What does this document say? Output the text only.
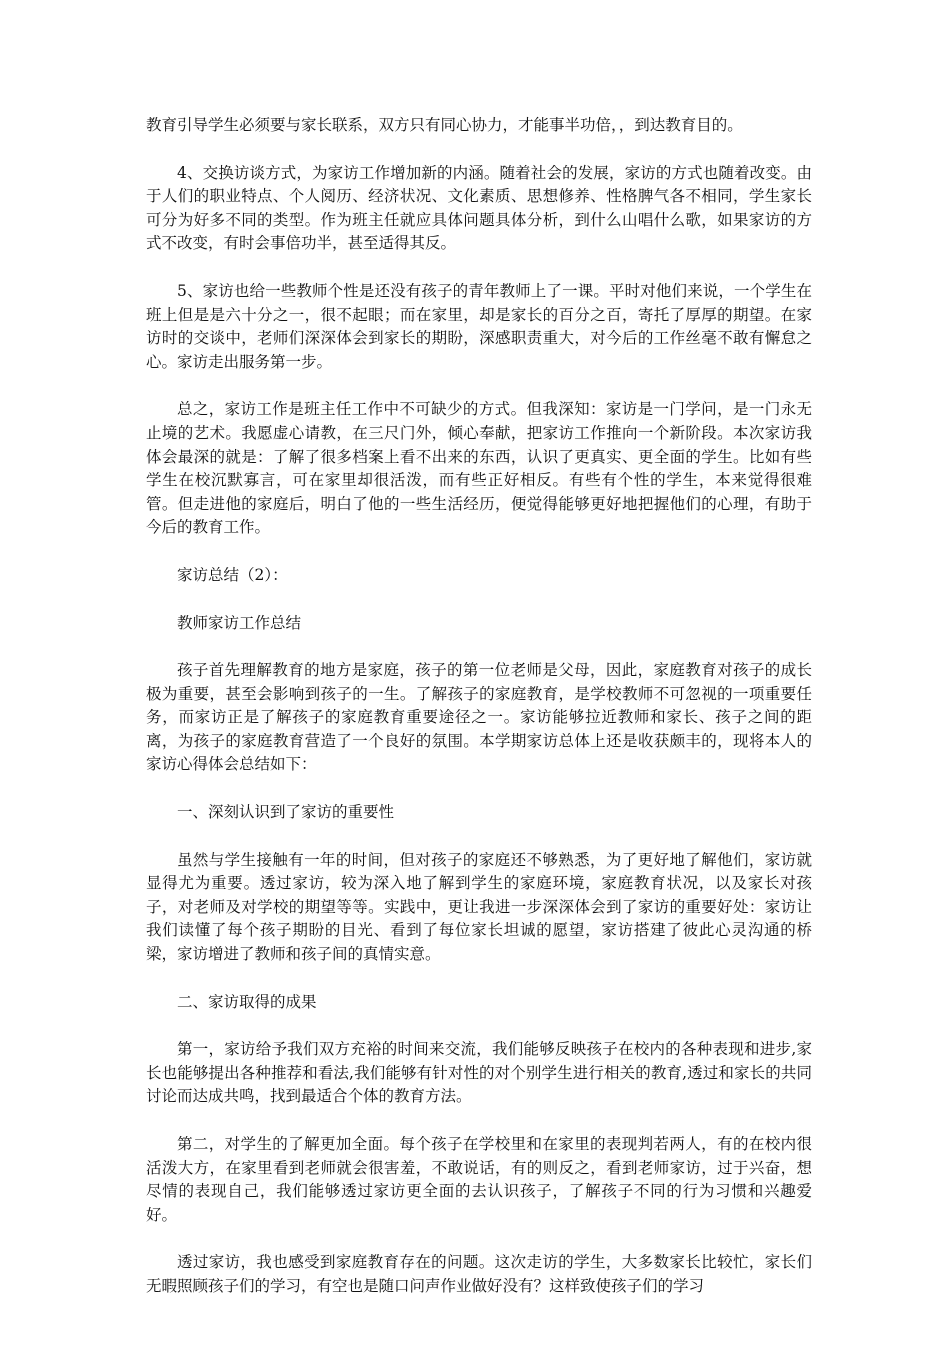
教育引导学生必须要与家长联系，双方只有同心协力，才能事半功倍，，到达教育目的。

4、交换访谈方式，为家访工作增加新的内涵。随着社会的发展，家访的方式也随着改变。由于人们的职业特点、个人阅历、经济状况、文化素质、思想修养、性格脾气各不相同，学生家长可分为好多不同的类型。作为班主任就应具体问题具体分析，到什么山唱什么歌，如果家访的方式不改变，有时会事倍功半，甚至适得其反。

5、家访也给一些教师个性是还没有孩子的青年教师上了一课。平时对他们来说，一个学生在班上但是是六十分之一，很不起眼；而在家里，却是家长的百分之百，寄托了厚厚的期望。在家访时的交谈中，老师们深深体会到家长的期盼，深感职责重大，对今后的工作丝毫不敢有懈怠之心。家访走出服务第一步。

总之，家访工作是班主任工作中不可缺少的方式。但我深知：家访是一门学问，是一门永无止境的艺术。我愿虚心请教，在三尺门外，倾心奉献，把家访工作推向一个新阶段。本次家访我体会最深的就是：了解了很多档案上看不出来的东西，认识了更真实、更全面的学生。比如有些学生在校沉默寡言，可在家里却很活泼，而有些正好相反。有些有个性的学生，本来觉得很难管。但走进他的家庭后，明白了他的一些生活经历，便觉得能够更好地把握他们的心理，有助于今后的教育工作。

家访总结（2）：

教师家访工作总结

孩子首先理解教育的地方是家庭，孩子的第一位老师是父母，因此，家庭教育对孩子的成长极为重要，甚至会影响到孩子的一生。了解孩子的家庭教育，是学校教师不可忽视的一项重要任务，而家访正是了解孩子的家庭教育重要途径之一。家访能够拉近教师和家长、孩子之间的距离，为孩子的家庭教育营造了一个良好的氛围。本学期家访总体上还是收获颇丰的，现将本人的家访心得体会总结如下：

一、深刻认识到了家访的重要性

虽然与学生接触有一年的时间，但对孩子的家庭还不够熟悉，为了更好地了解他们，家访就显得尤为重要。透过家访，较为深入地了解到学生的家庭环境，家庭教育状况，以及家长对孩子，对老师及对学校的期望等等。实践中，更让我进一步深深体会到了家访的重要好处：家访让我们读懂了每个孩子期盼的目光、看到了每位家长坦诚的愿望，家访搭建了彼此心灵沟通的桥梁，家访增进了教师和孩子间的真情实意。

二、家访取得的成果

第一，家访给予我们双方充裕的时间来交流，我们能够反映孩子在校内的各种表现和进步,家长也能够提出各种推荐和看法,我们能够有针对性的对个别学生进行相关的教育,透过和家长的共同讨论而达成共鸣，找到最适合个体的教育方法。

第二，对学生的了解更加全面。每个孩子在学校里和在家里的表现判若两人，有的在校内很活泼大方，在家里看到老师就会很害羞，不敢说话，有的则反之，看到老师家访，过于兴奋，想尽情的表现自己，我们能够透过家访更全面的去认识孩子，了解孩子不同的行为习惯和兴趣爱好。

透过家访，我也感受到家庭教育存在的问题。这次走访的学生，大多数家长比较忙，家长们无暇照顾孩子们的学习，有空也是随口问声作业做好没有？这样致使孩子们的学习
